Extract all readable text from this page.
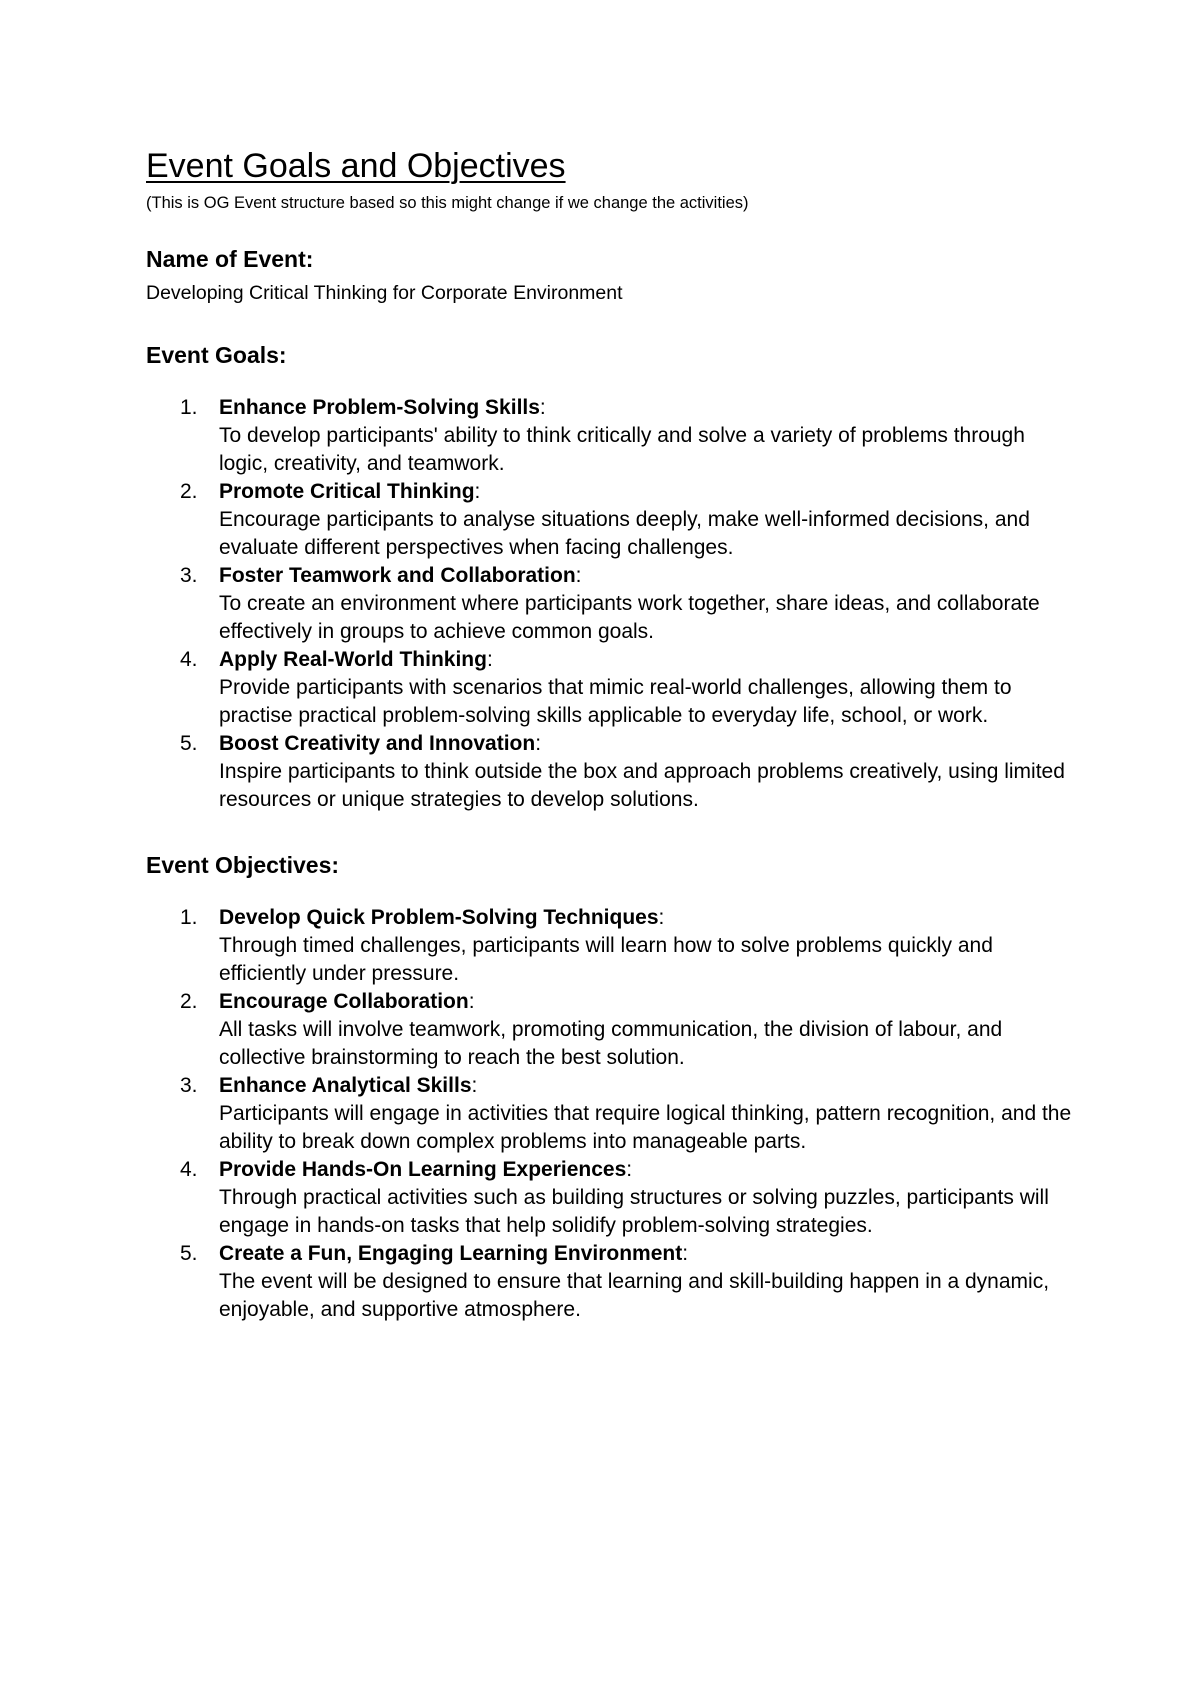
Event Goals and Objectives

(This is OG Event structure based so this might change if we change the activities)

Name of Event:

Developing Critical Thinking for Corporate Environment

Event Goals:
1. Enhance Problem-Solving Skills:
To develop participants' ability to think critically and solve a variety of problems through logic, creativity, and teamwork.
2. Promote Critical Thinking:
Encourage participants to analyse situations deeply, make well-informed decisions, and evaluate different perspectives when facing challenges.
3. Foster Teamwork and Collaboration:
To create an environment where participants work together, share ideas, and collaborate effectively in groups to achieve common goals.
4. Apply Real-World Thinking:
Provide participants with scenarios that mimic real-world challenges, allowing them to practise practical problem-solving skills applicable to everyday life, school, or work.
5. Boost Creativity and Innovation:
Inspire participants to think outside the box and approach problems creatively, using limited resources or unique strategies to develop solutions.
Event Objectives:
1. Develop Quick Problem-Solving Techniques:
Through timed challenges, participants will learn how to solve problems quickly and efficiently under pressure.
2. Encourage Collaboration:
All tasks will involve teamwork, promoting communication, the division of labour, and collective brainstorming to reach the best solution.
3. Enhance Analytical Skills:
Participants will engage in activities that require logical thinking, pattern recognition, and the ability to break down complex problems into manageable parts.
4. Provide Hands-On Learning Experiences:
Through practical activities such as building structures or solving puzzles, participants will engage in hands-on tasks that help solidify problem-solving strategies.
5. Create a Fun, Engaging Learning Environment:
The event will be designed to ensure that learning and skill-building happen in a dynamic, enjoyable, and supportive atmosphere.
